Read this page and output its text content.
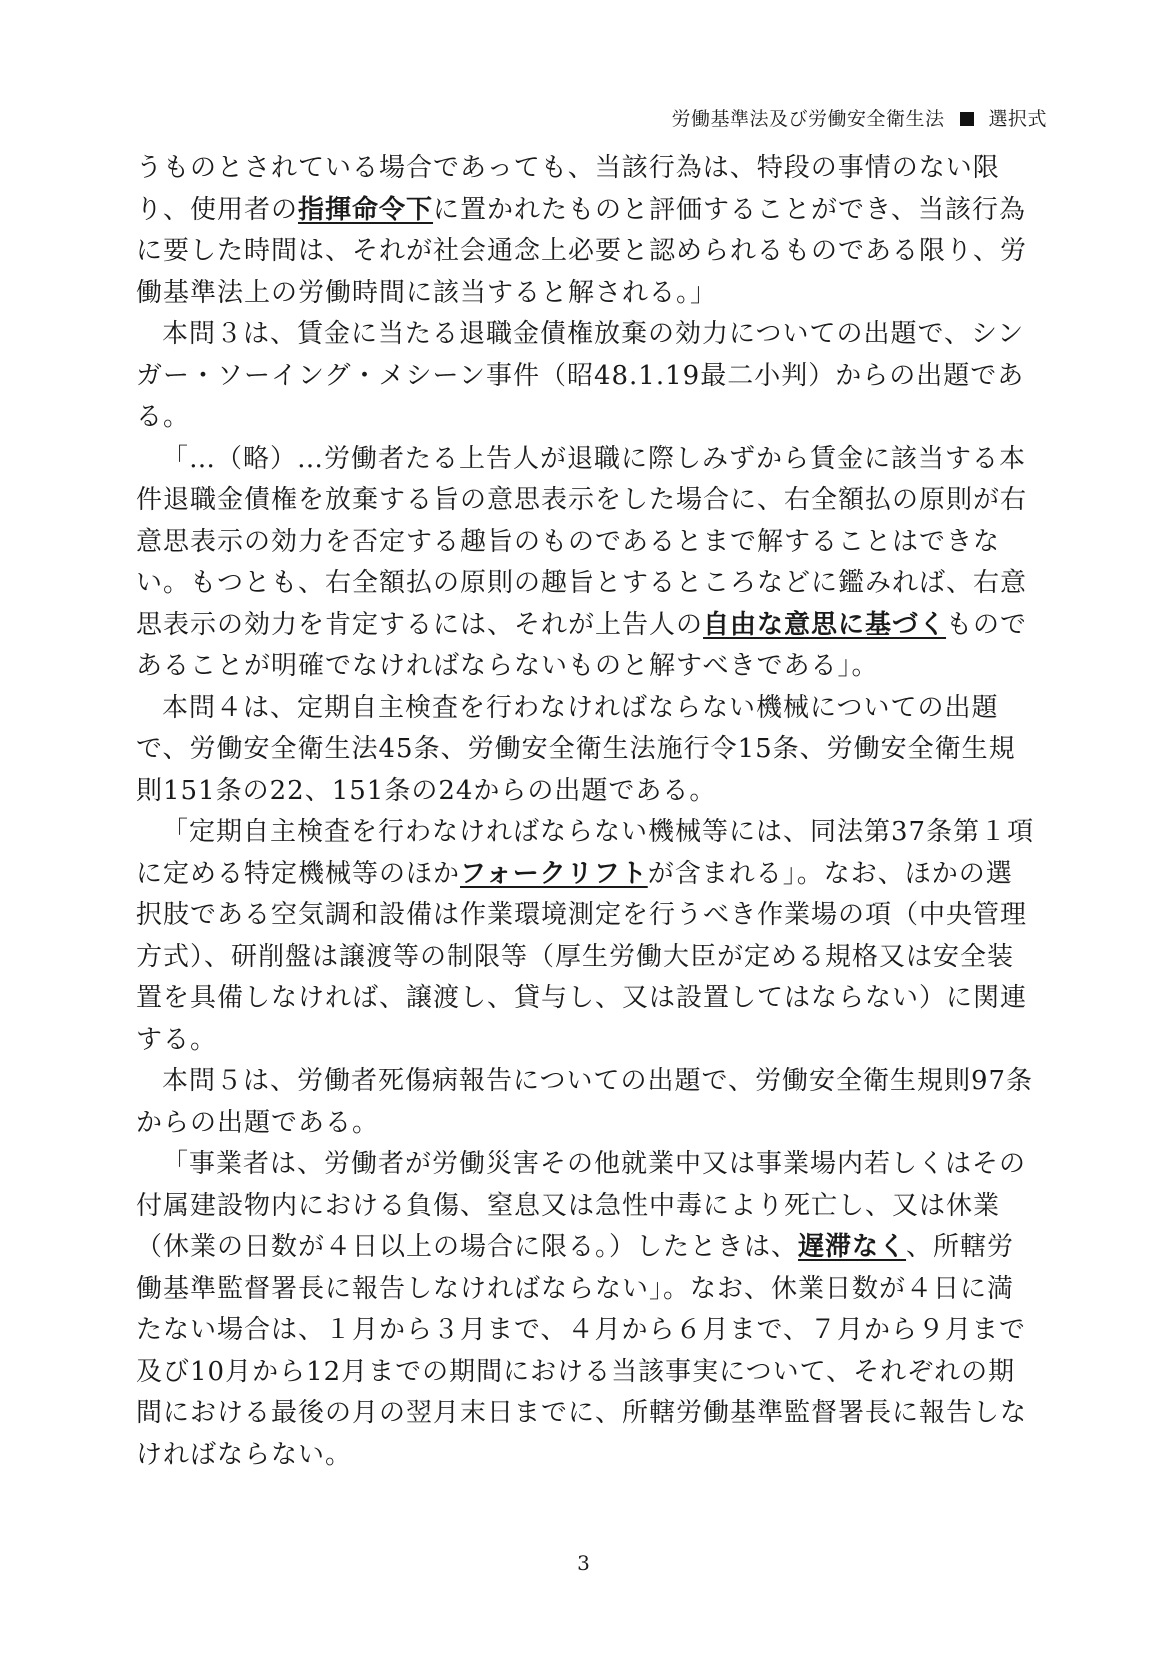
労働基準法及び労働安全衛生法 選択式

うものとされている場合であっても、当該行為は、特段の事情のない限り、使用者の指揮命令下に置かれたものと評価することができ、当該行為に要した時間は、それが社会通念上必要と認められるものである限り、労働基準法上の労働時間に該当すると解される。」

本問３は、賃金に当たる退職金債権放棄の効力についての出題で、シンガー・ソーイング・メシーン事件（昭48.1.19最二小判）からの出題である。

「…（略）…労働者たる上告人が退職に際しみずから賃金に該当する本件退職金債権を放棄する旨の意思表示をした場合に、右全額払の原則が右意思表示の効力を否定する趣旨のものであるとまで解することはできない。もつとも、右全額払の原則の趣旨とするところなどに鑑みれば、右意思表示の効力を肯定するには、それが上告人の自由な意思に基づくものであることが明確でなければならないものと解すべきである」。

本問４は、定期自主検査を行わなければならない機械についての出題で、労働安全衛生法45条、労働安全衛生法施行令15条、労働安全衛生規則151条の22、151条の24からの出題である。

「定期自主検査を行わなければならない機械等には、同法第37条第１項に定める特定機械等のほかフォークリフトが含まれる」。なお、ほかの選択肢である空気調和設備は作業環境測定を行うべき作業場の項（中央管理方式）、研削盤は譲渡等の制限等（厚生労働大臣が定める規格又は安全装置を具備しなければ、譲渡し、貸与し、又は設置してはならない）に関連する。

本問５は、労働者死傷病報告についての出題で、労働安全衛生規則97条からの出題である。

「事業者は、労働者が労働災害その他就業中又は事業場内若しくはその付属建設物内における負傷、窒息又は急性中毒により死亡し、又は休業（休業の日数が４日以上の場合に限る。）したときは、遅滞なく、所轄労働基準監督署長に報告しなければならない」。なお、休業日数が４日に満たない場合は、１月から３月まで、４月から６月まで、７月から９月まで及び10月から12月までの期間における当該事実について、それぞれの期間における最後の月の翌月末日までに、所轄労働基準監督署長に報告しなければならない。

3
